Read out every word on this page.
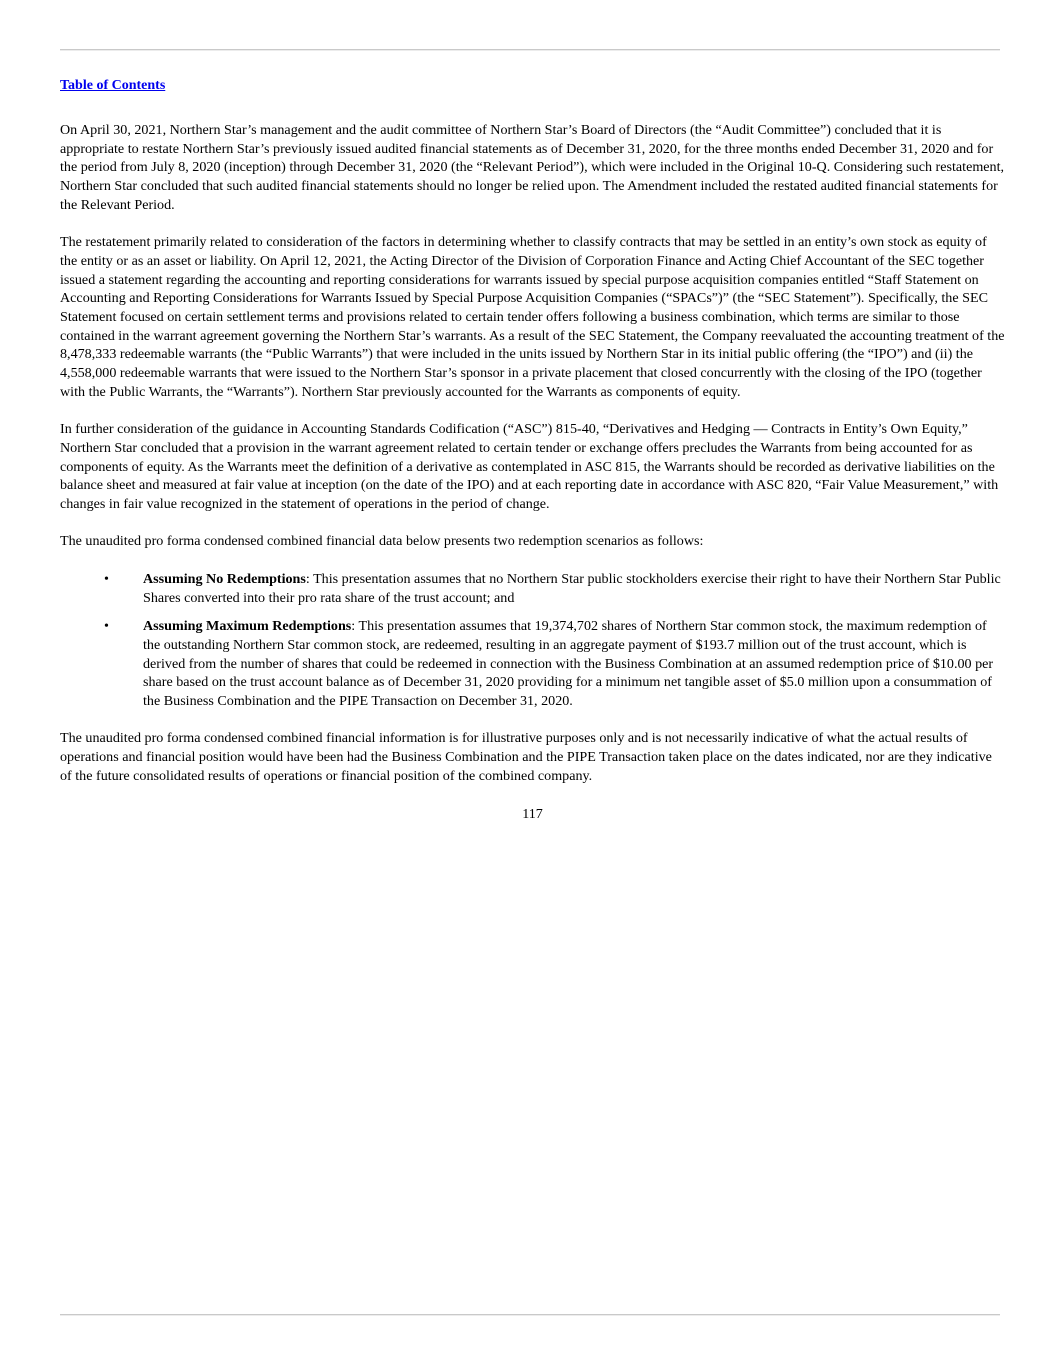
Table of Contents

On April 30, 2021, Northern Star’s management and the audit committee of Northern Star’s Board of Directors (the “Audit Committee”) concluded that it is appropriate to restate Northern Star’s previously issued audited financial statements as of December 31, 2020, for the three months ended December 31, 2020 and for the period from July 8, 2020 (inception) through December 31, 2020 (the “Relevant Period”), which were included in the Original 10-Q. Considering such restatement, Northern Star concluded that such audited financial statements should no longer be relied upon. The Amendment included the restated audited financial statements for the Relevant Period.

The restatement primarily related to consideration of the factors in determining whether to classify contracts that may be settled in an entity’s own stock as equity of the entity or as an asset or liability. On April 12, 2021, the Acting Director of the Division of Corporation Finance and Acting Chief Accountant of the SEC together issued a statement regarding the accounting and reporting considerations for warrants issued by special purpose acquisition companies entitled “Staff Statement on Accounting and Reporting Considerations for Warrants Issued by Special Purpose Acquisition Companies (“SPACs”)” (the “SEC Statement”). Specifically, the SEC Statement focused on certain settlement terms and provisions related to certain tender offers following a business combination, which terms are similar to those contained in the warrant agreement governing the Northern Star’s warrants. As a result of the SEC Statement, the Company reevaluated the accounting treatment of the 8,478,333 redeemable warrants (the “Public Warrants”) that were included in the units issued by Northern Star in its initial public offering (the “IPO”) and (ii) the 4,558,000 redeemable warrants that were issued to the Northern Star’s sponsor in a private placement that closed concurrently with the closing of the IPO (together with the Public Warrants, the “Warrants”). Northern Star previously accounted for the Warrants as components of equity.

In further consideration of the guidance in Accounting Standards Codification (“ASC”) 815-40, “Derivatives and Hedging — Contracts in Entity’s Own Equity,” Northern Star concluded that a provision in the warrant agreement related to certain tender or exchange offers precludes the Warrants from being accounted for as components of equity. As the Warrants meet the definition of a derivative as contemplated in ASC 815, the Warrants should be recorded as derivative liabilities on the balance sheet and measured at fair value at inception (on the date of the IPO) and at each reporting date in accordance with ASC 820, “Fair Value Measurement,” with changes in fair value recognized in the statement of operations in the period of change.

The unaudited pro forma condensed combined financial data below presents two redemption scenarios as follows:

• Assuming No Redemptions: This presentation assumes that no Northern Star public stockholders exercise their right to have their Northern Star Public Shares converted into their pro rata share of the trust account; and
• Assuming Maximum Redemptions: This presentation assumes that 19,374,702 shares of Northern Star common stock, the maximum redemption of the outstanding Northern Star common stock, are redeemed, resulting in an aggregate payment of $193.7 million out of the trust account, which is derived from the number of shares that could be redeemed in connection with the Business Combination at an assumed redemption price of $10.00 per share based on the trust account balance as of December 31, 2020 providing for a minimum net tangible asset of $5.0 million upon a consummation of the Business Combination and the PIPE Transaction on December 31, 2020.

The unaudited pro forma condensed combined financial information is for illustrative purposes only and is not necessarily indicative of what the actual results of operations and financial position would have been had the Business Combination and the PIPE Transaction taken place on the dates indicated, nor are they indicative of the future consolidated results of operations or financial position of the combined company.

117
